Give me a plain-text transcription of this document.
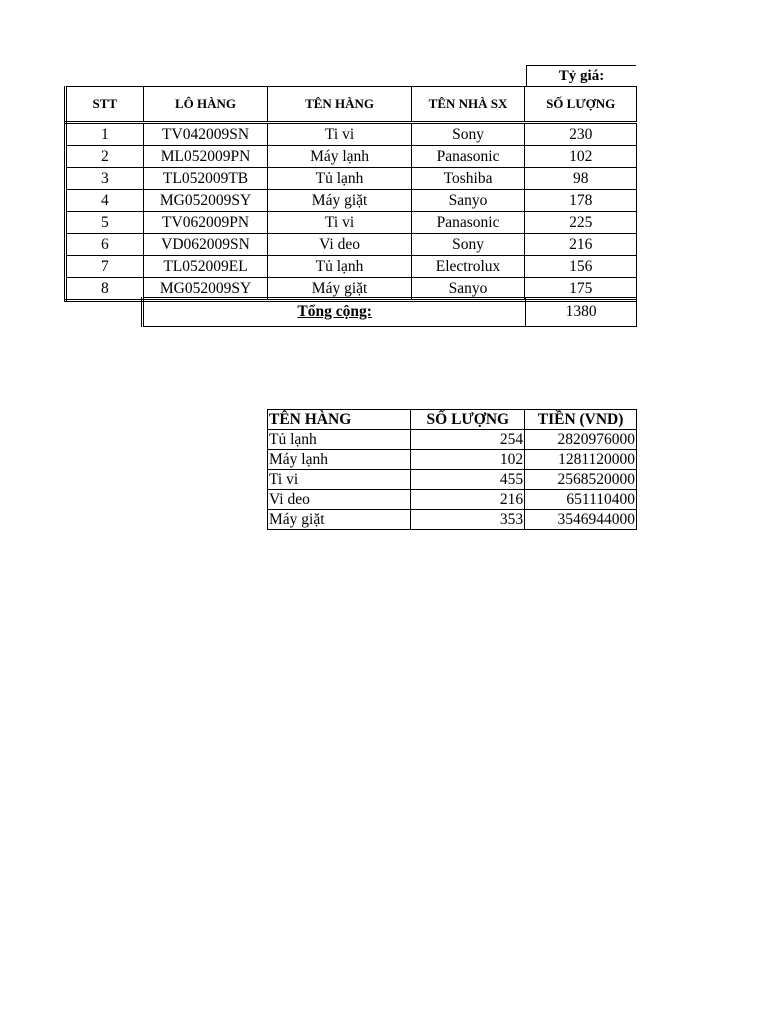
Tỷ giá:
STT	LÔ HÀNG	TÊN HÀNG	TÊN NHÀ SX	SỐ LƯỢNG
1	TV042009SN	Ti vi	Sony	230
2	ML052009PN	Máy lạnh	Panasonic	102
3	TL052009TB	Tủ lạnh	Toshiba	98
4	MG052009SY	Máy giặt	Sanyo	178
5	TV062009PN	Ti vi	Panasonic	225
6	VD062009SN	Vi deo	Sony	216
7	TL052009EL	Tủ lạnh	Electrolux	156
8	MG052009SY	Máy giặt	Sanyo	175
Tổng cộng:	1380
TÊN HÀNG	SỐ LƯỢNG	TIỀN (VND)
Tủ lạnh	254	2820976000
Máy lạnh	102	1281120000
Ti vi	455	2568520000
Vi deo	216	651110400
Máy giặt	353	3546944000
